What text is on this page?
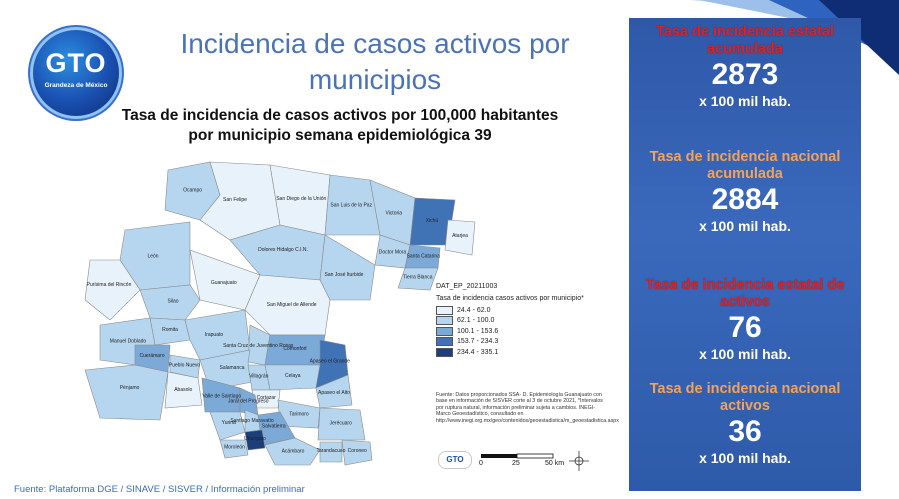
GTO
Grandeza de México
Incidencia de casos activos por municipios
Tasa de incidencia de casos activos por 100,000 habitantes
por municipio semana epidemiológica 39
Ocampo
San Felipe	San Diego de la Unión
San Luis de la Paz
Victoria
Xichú
Atarjea
León
Dolores Hidalgo C.I.N.	Doctor Mora
Santa Catarina
Tierra Blanca
Guanajuato
San José Iturbide
Purísima del Rincón
Silao
San Miguel de Allende
Romita
Manuel Doblado
Irapuato
Santa Cruz de Juventino Rosas
Comonfort
Cuerámaro
Salamanca
Pueblo Nuevo
Celaya
Apaseo el Grande
Villagrán
Cortazar
Apaseo el Alto
Pénjamo	Abasolo
Valle de Santiago
Jaral del Progreso
Tarimoro
Salvatierra	Jerécuaro
Yuriria
Uriangato
Moroleón
Acámbaro
Santiago Maravatío
Tarandacuao Coroneo
DAT_EP_20211003
Tasa de incidencia casos activos por municipio*
24.4 - 62.0
62.1 - 100.0
100.1 - 153.6
153.7 - 234.3
234.4 - 335.1
Fuente: Datos proporcionados SSA- D. Epidemiología Guanajuato con base en información de SISVER corte al 3 de octubre 2021, *Intervalos por ruptura natural, información preliminar sujeta a cambios. INEGI- Marco Geoestadístico, consultado en http://www.inegi.org.mx/geo/contenidos/geoestadistica/m_geoestadistica.aspx
GTO	0	25	50 km
Fuente: Plataforma DGE / SINAVE / SISVER / Información preliminar
Tasa de incidencia estatal acumulada
2873
x 100 mil hab.
Tasa de incidencia nacional acumulada
2884
x 100 mil hab.
Tasa de incidencia estatal de activos
76
x 100 mil hab.
Tasa de incidencia nacional activos
36
x 100 mil hab.
